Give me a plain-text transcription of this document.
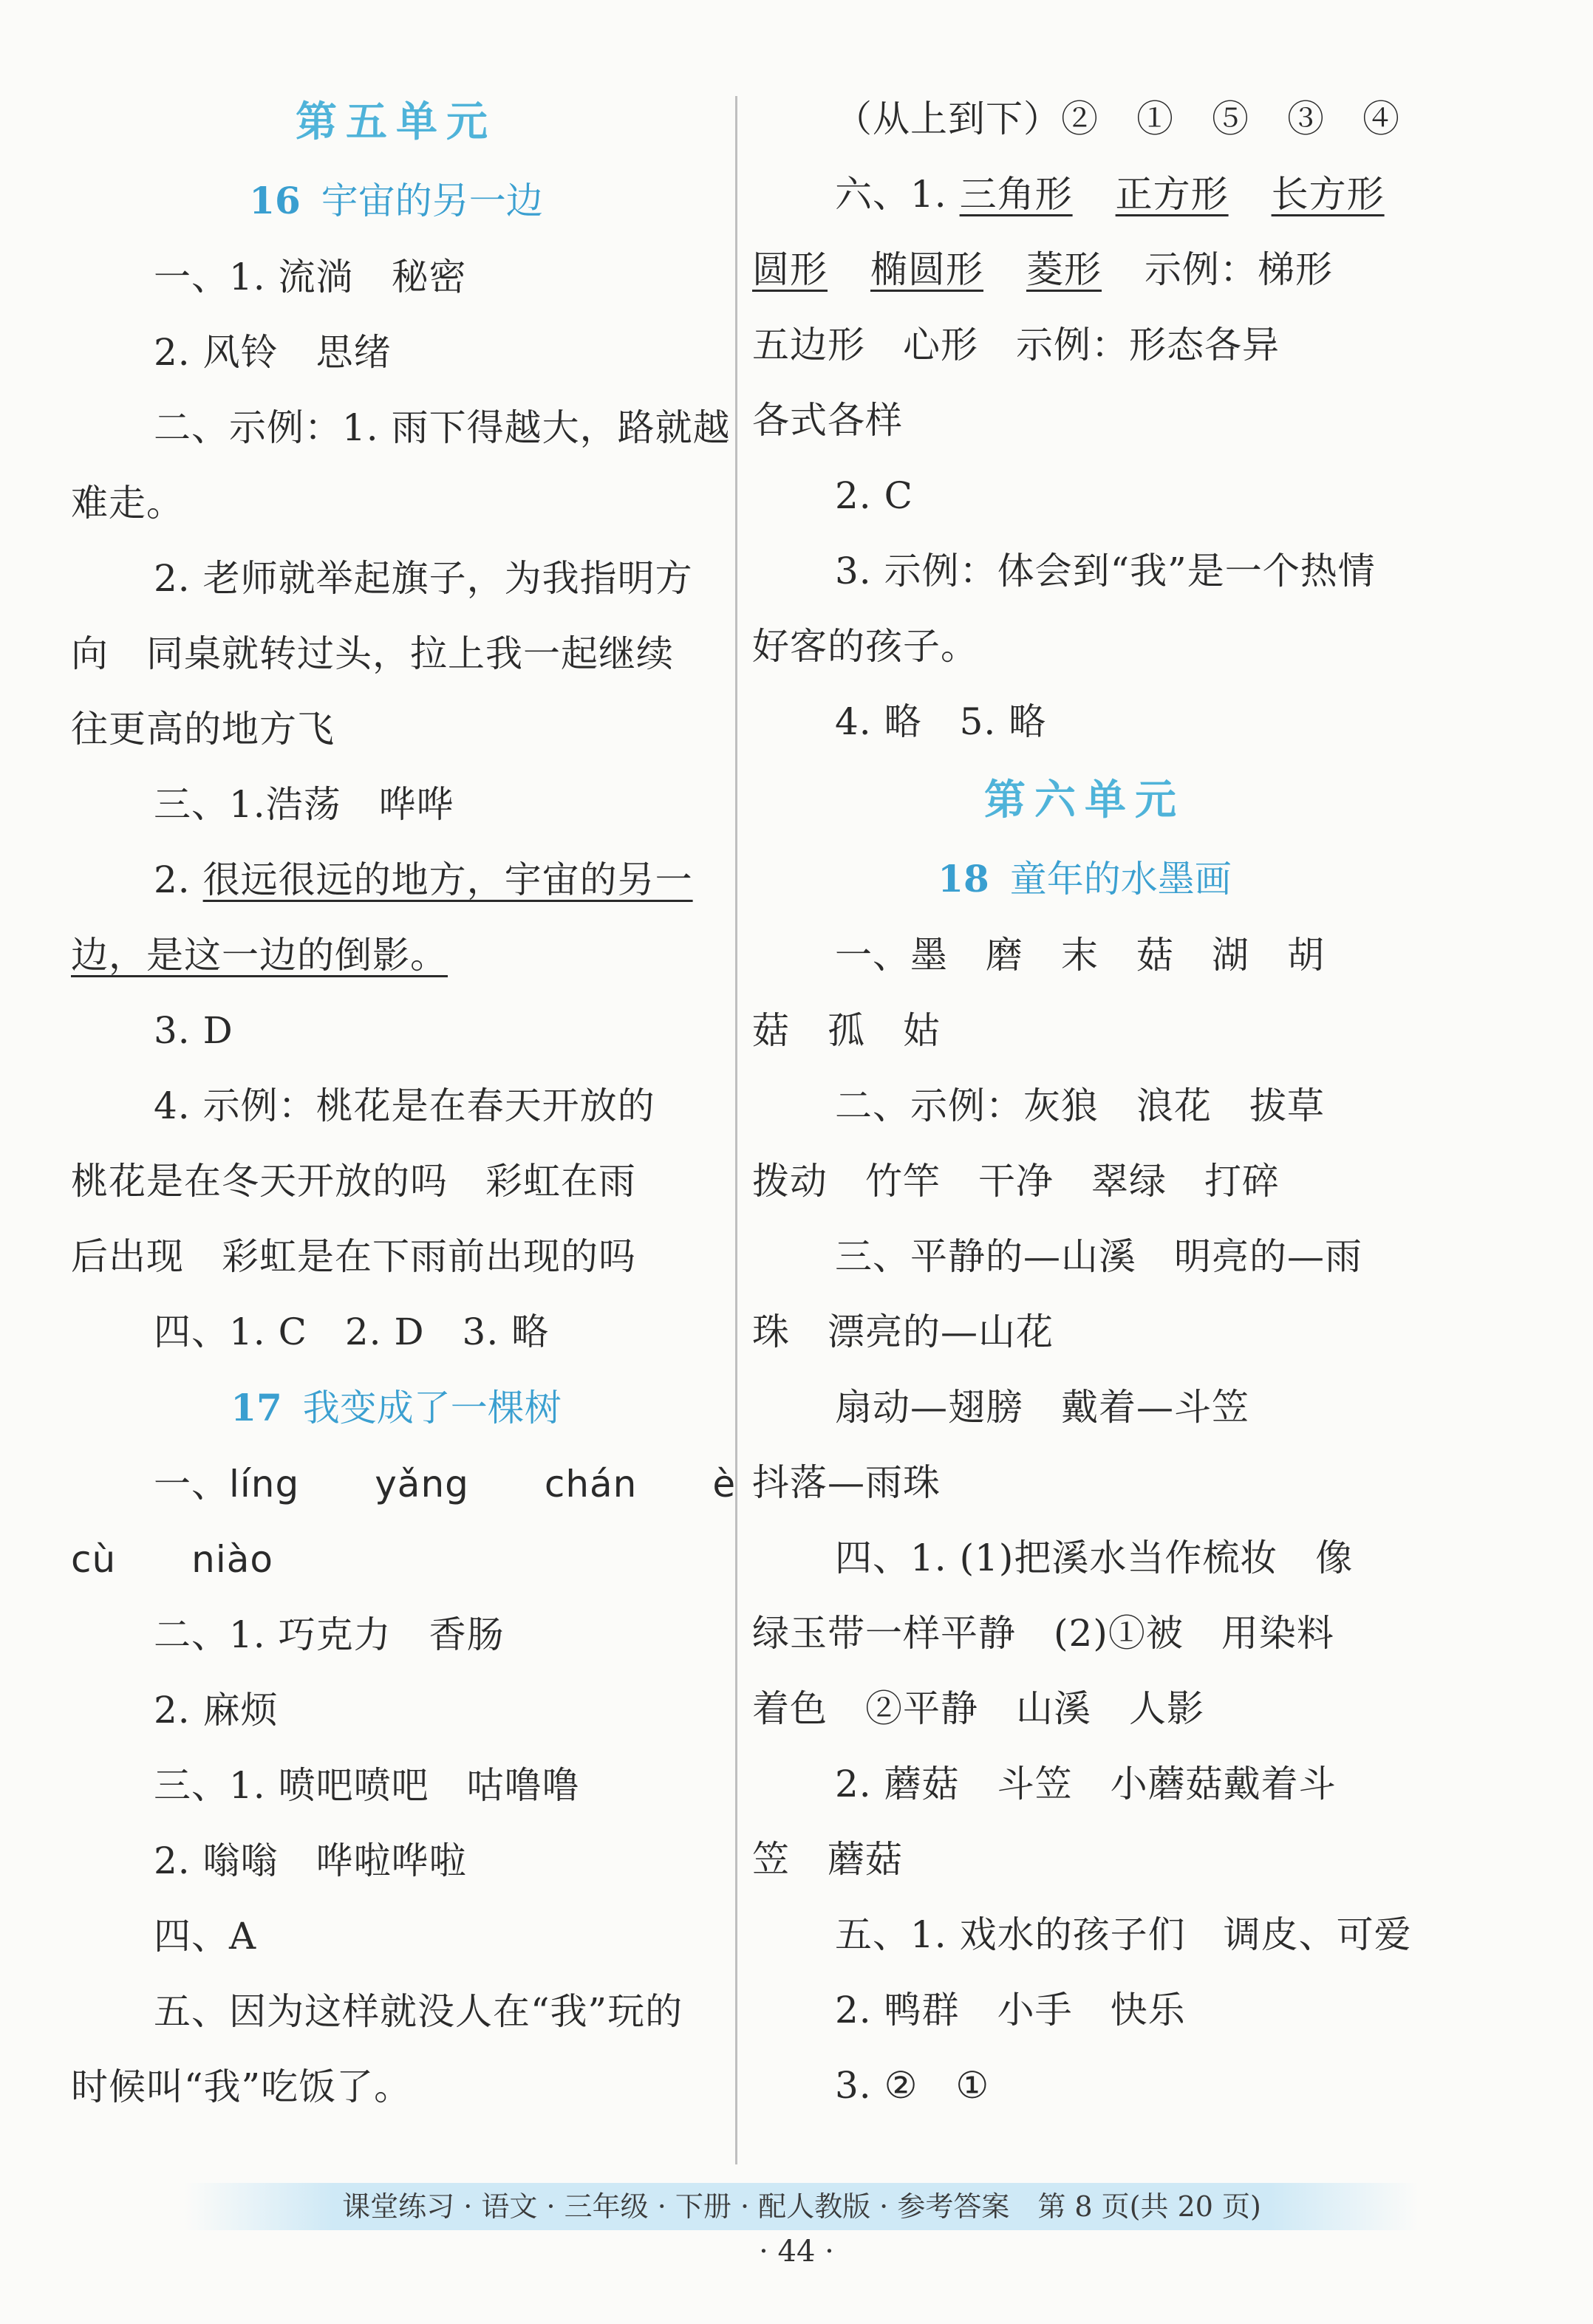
第五单元
16 宇宙的另一边
一、1. 流淌　秘密
2. 风铃　思绪
二、示例：1. 雨下得越大，路就越
难走。
2. 老师就举起旗子，为我指明方
向　同桌就转过头，拉上我一起继续
往更高的地方飞
三、1.浩荡　哗哗
2. 很远很远的地方，宇宙的另一
边，是这一边的倒影。
3. D
4. 示例：桃花是在春天开放的
桃花是在冬天开放的吗　彩虹在雨
后出现　彩虹是在下雨前出现的吗
四、1. C　2. D　3. 略
17 我变成了一棵树
一、líng　　yǎng　　chán　　è
cù　　niào
二、1. 巧克力　香肠
2. 麻烦
三、1. 喷吧喷吧　咕噜噜
2. 嗡嗡　哗啦哗啦
四、A
五、因为这样就没人在“我”玩的
时候叫“我”吃饭了。
（从上到下）②　①　⑤　③　④
六、1. 三角形 正方形 长方形
圆形 椭圆形 菱形 示例：梯形
五边形　心形　示例：形态各异
各式各样
2. C
3. 示例：体会到“我”是一个热情
好客的孩子。
4. 略　5. 略
第六单元
18 童年的水墨画
一、墨　磨　末　菇　湖　胡
菇　孤　姑
二、示例：灰狼　浪花　拔草
拨动　竹竿　干净　翠绿　打碎
三、平静的—山溪　明亮的—雨
珠　漂亮的—山花
扇动—翅膀　戴着—斗笠
抖落—雨珠
四、1. (1)把溪水当作梳妆　像
绿玉带一样平静　(2)①被　用染料
着色　②平静　山溪　人影
2. 蘑菇　斗笠　小蘑菇戴着斗
笠　蘑菇
五、1. 戏水的孩子们　调皮、可爱
2. 鸭群　小手　快乐
3. ②　①
课堂练习 · 语文 · 三年级 · 下册 · 配人教版 · 参考答案　第 8 页(共 20 页)
· 44 ·
